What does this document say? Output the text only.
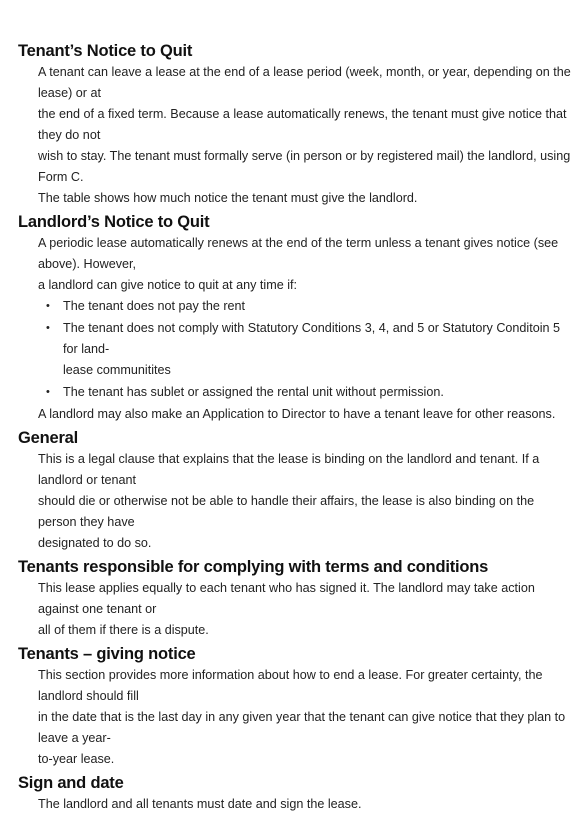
Tenant’s Notice to Quit
A tenant can leave a lease at the end of a lease period (week, month, or year, depending on the lease) or at
the end of a fixed term. Because a lease automatically renews, the tenant must give notice that they do not
wish to stay. The tenant must formally serve (in person or by registered mail) the landlord, using Form C.
The table shows how much notice the tenant must give the landlord.
Landlord’s Notice to Quit
A periodic lease automatically renews at the end of the term unless a tenant gives notice (see above). However,
a landlord can give notice to quit at any time if:
• The tenant does not pay the rent
• The tenant does not comply with Statutory Conditions 3, 4, and 5 or Statutory Conditoin 5 for land-
lease communitites
• The tenant has sublet or assigned the rental unit without permission.
A landlord may also make an Application to Director to have a tenant leave for other reasons.
General
This is a legal clause that explains that the lease is binding on the landlord and tenant. If a landlord or tenant
should die or otherwise not be able to handle their affairs, the lease is also binding on the person they have
designated to do so.
Tenants responsible for complying with terms and conditions
This lease applies equally to each tenant who has signed it. The landlord may take action against one tenant or
all of them if there is a dispute.
Tenants – giving notice
This section provides more information about how to end a lease. For greater certainty, the landlord should fill
in the date that is the last day in any given year that the tenant can give notice that they plan to leave a year-
to-year lease.
Sign and date
The landlord and all tenants must date and sign the lease.
